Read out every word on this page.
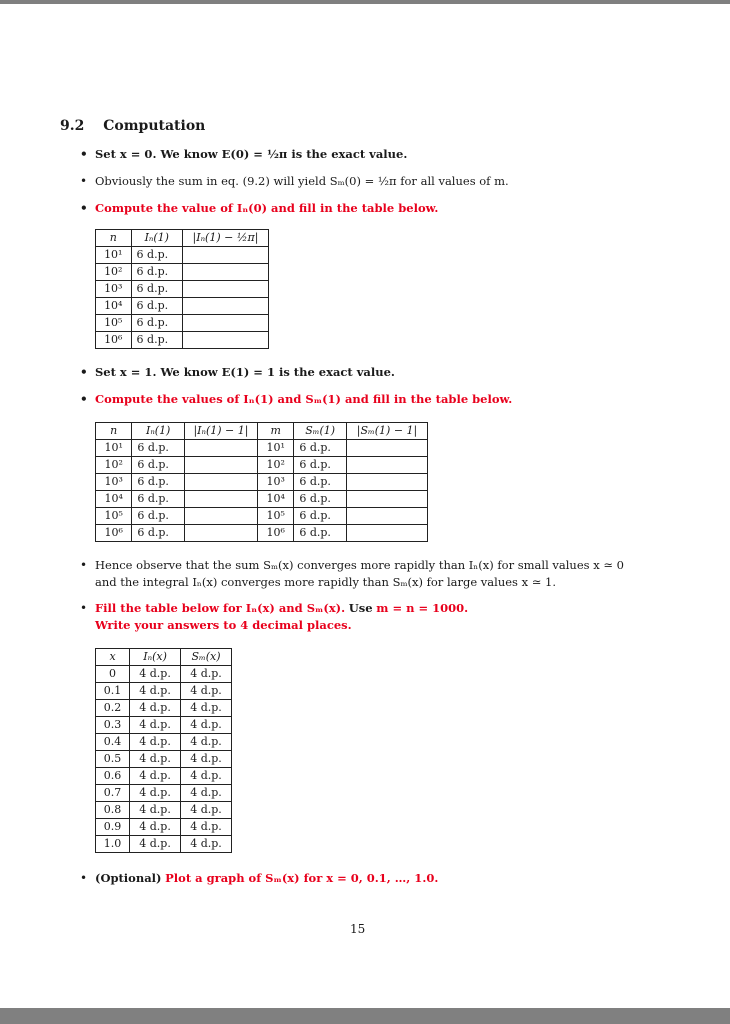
9.2 Computation
• Set x = 0. We know E(0) = ½π is the exact value.
• Obviously the sum in eq. (9.2) will yield Sₘ(0) = ½π for all values of m.
• Compute the value of Iₙ(0) and fill in the table below.
n	Iₙ(1)	|Iₙ(1) − ½π|
10¹	6 d.p.	
10²	6 d.p.	
10³	6 d.p.	
10⁴	6 d.p.	
10⁵	6 d.p.	
10⁶	6 d.p.	
• Set x = 1. We know E(1) = 1 is the exact value.
• Compute the values of Iₙ(1) and Sₘ(1) and fill in the table below.
n	Iₙ(1)	|Iₙ(1) − 1|	m	Sₘ(1)	|Sₘ(1) − 1|
10¹	6 d.p.		10¹	6 d.p.	
10²	6 d.p.		10²	6 d.p.	
10³	6 d.p.		10³	6 d.p.	
10⁴	6 d.p.		10⁴	6 d.p.	
10⁵	6 d.p.		10⁵	6 d.p.	
10⁶	6 d.p.		10⁶	6 d.p.	
• Hence observe that the sum Sₘ(x) converges more rapidly than Iₙ(x) for small values x ≃ 0
and the integral Iₙ(x) converges more rapidly than Sₘ(x) for large values x ≃ 1.
• Fill the table below for Iₙ(x) and Sₘ(x). Use m = n = 1000.
Write your answers to 4 decimal places.
x	Iₙ(x)	Sₘ(x)
0	4 d.p.	4 d.p.
0.1	4 d.p.	4 d.p.
0.2	4 d.p.	4 d.p.
0.3	4 d.p.	4 d.p.
0.4	4 d.p.	4 d.p.
0.5	4 d.p.	4 d.p.
0.6	4 d.p.	4 d.p.
0.7	4 d.p.	4 d.p.
0.8	4 d.p.	4 d.p.
0.9	4 d.p.	4 d.p.
1.0	4 d.p.	4 d.p.
• (Optional) Plot a graph of Sₘ(x) for x = 0, 0.1, …, 1.0.
15
